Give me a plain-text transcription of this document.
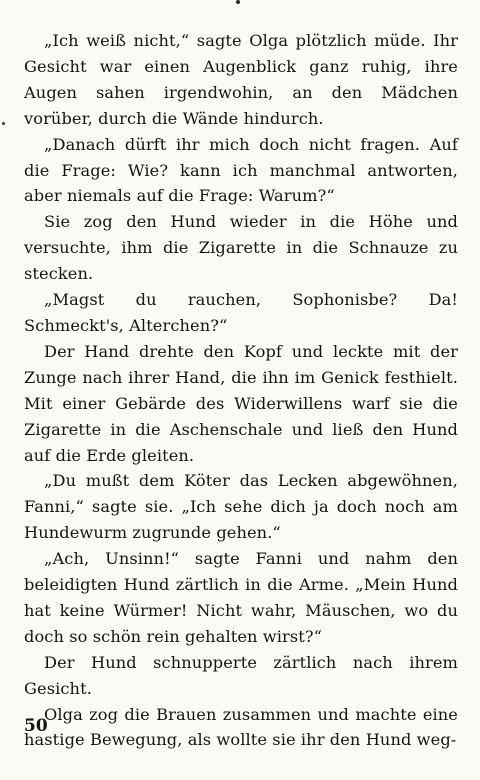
„Ich weiß nicht,“ sagte Olga plötzlich müde. Ihr Gesicht war einen Augenblick ganz ruhig, ihre Augen sahen irgendwohin, an den Mädchen vorüber, durch die Wände hindurch.

„Danach dürft ihr mich doch nicht fragen. Auf die Frage: Wie? kann ich manchmal antworten, aber niemals auf die Frage: Warum?“

Sie zog den Hund wieder in die Höhe und versuchte, ihm die Zigarette in die Schnauze zu stecken.

„Magst du rauchen, Sophonisbe? Da! Schmeckt's, Alterchen?“

Der Hand drehte den Kopf und leckte mit der Zunge nach ihrer Hand, die ihn im Genick festhielt. Mit einer Gebärde des Widerwillens warf sie die Zigarette in die Aschenschale und ließ den Hund auf die Erde gleiten.

„Du mußt dem Köter das Lecken abgewöhnen, Fanni,“ sagte sie. „Ich sehe dich ja doch noch am Hundewurm zugrunde gehen.“

„Ach, Unsinn!“ sagte Fanni und nahm den beleidigten Hund zärtlich in die Arme. „Mein Hund hat keine Würmer! Nicht wahr, Mäuschen, wo du doch so schön rein gehalten wirst?“

Der Hund schnupperte zärtlich nach ihrem Gesicht.

Olga zog die Brauen zusammen und machte eine hastige Bewegung, als wollte sie ihr den Hund weg-

50
